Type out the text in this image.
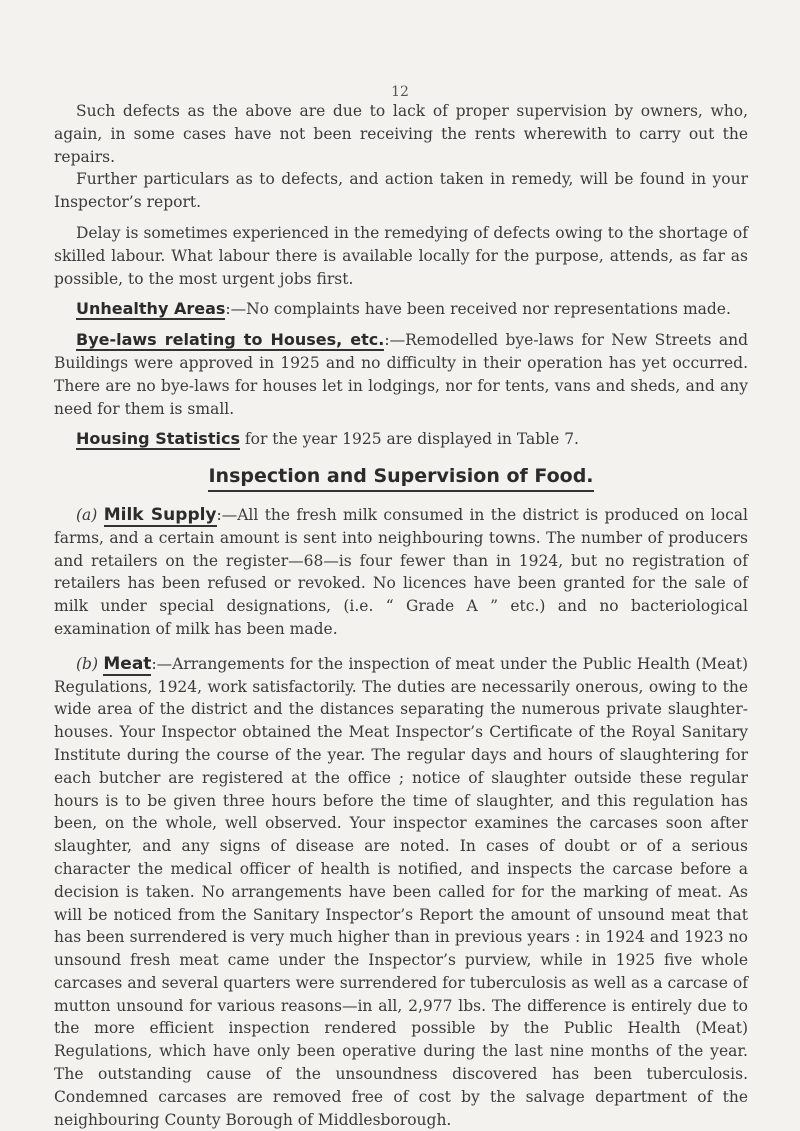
12

Such defects as the above are due to lack of proper supervision by owners, who, again, in some cases have not been receiving the rents wherewith to carry out the repairs.

Further particulars as to defects, and action taken in remedy, will be found in your Inspector’s report.

Delay is sometimes experienced in the remedying of defects owing to the shortage of skilled labour. What labour there is available locally for the purpose, attends, as far as possible, to the most urgent jobs first.

Unhealthy Areas:—No complaints have been received nor representations made.

Bye-laws relating to Houses, etc.:—Remodelled bye-laws for New Streets and Buildings were approved in 1925 and no difficulty in their operation has yet occurred. There are no bye-laws for houses let in lodgings, nor for tents, vans and sheds, and any need for them is small.

Housing Statistics for the year 1925 are displayed in Table 7.

Inspection and Supervision of Food.

(a) Milk Supply:—All the fresh milk consumed in the district is produced on local farms, and a certain amount is sent into neighbouring towns. The number of producers and retailers on the register—68—is four fewer than in 1924, but no registration of retailers has been refused or revoked. No licences have been granted for the sale of milk under special designations, (i.e. “ Grade A ” etc.) and no bacteriological examination of milk has been made.

(b) Meat:—Arrangements for the inspection of meat under the Public Health (Meat) Regulations, 1924, work satisfactorily. The duties are necessarily onerous, owing to the wide area of the district and the distances separating the numerous private slaughter-houses. Your Inspector obtained the Meat Inspector’s Certificate of the Royal Sanitary Institute during the course of the year. The regular days and hours of slaughtering for each butcher are registered at the office ; notice of slaughter outside these regular hours is to be given three hours before the time of slaughter, and this regulation has been, on the whole, well observed. Your inspector examines the carcases soon after slaughter, and any signs of disease are noted. In cases of doubt or of a serious character the medical officer of health is notified, and inspects the carcase before a decision is taken. No arrangements have been called for for the marking of meat. As will be noticed from the Sanitary Inspector’s Report the amount of unsound meat that has been surrendered is very much higher than in previous years : in 1924 and 1923 no unsound fresh meat came under the Inspector’s purview, while in 1925 five whole carcases and several quarters were surrendered for tuberculosis as well as a carcase of mutton unsound for various reasons—in all, 2,977 lbs. The difference is entirely due to the more efficient inspection rendered possible by the Public Health (Meat) Regulations, which have only been operative during the last nine months of the year. The outstanding cause of the unsoundness discovered has been tuberculosis. Condemned carcases are removed free of cost by the salvage department of the neighbouring County Borough of Middlesborough.
